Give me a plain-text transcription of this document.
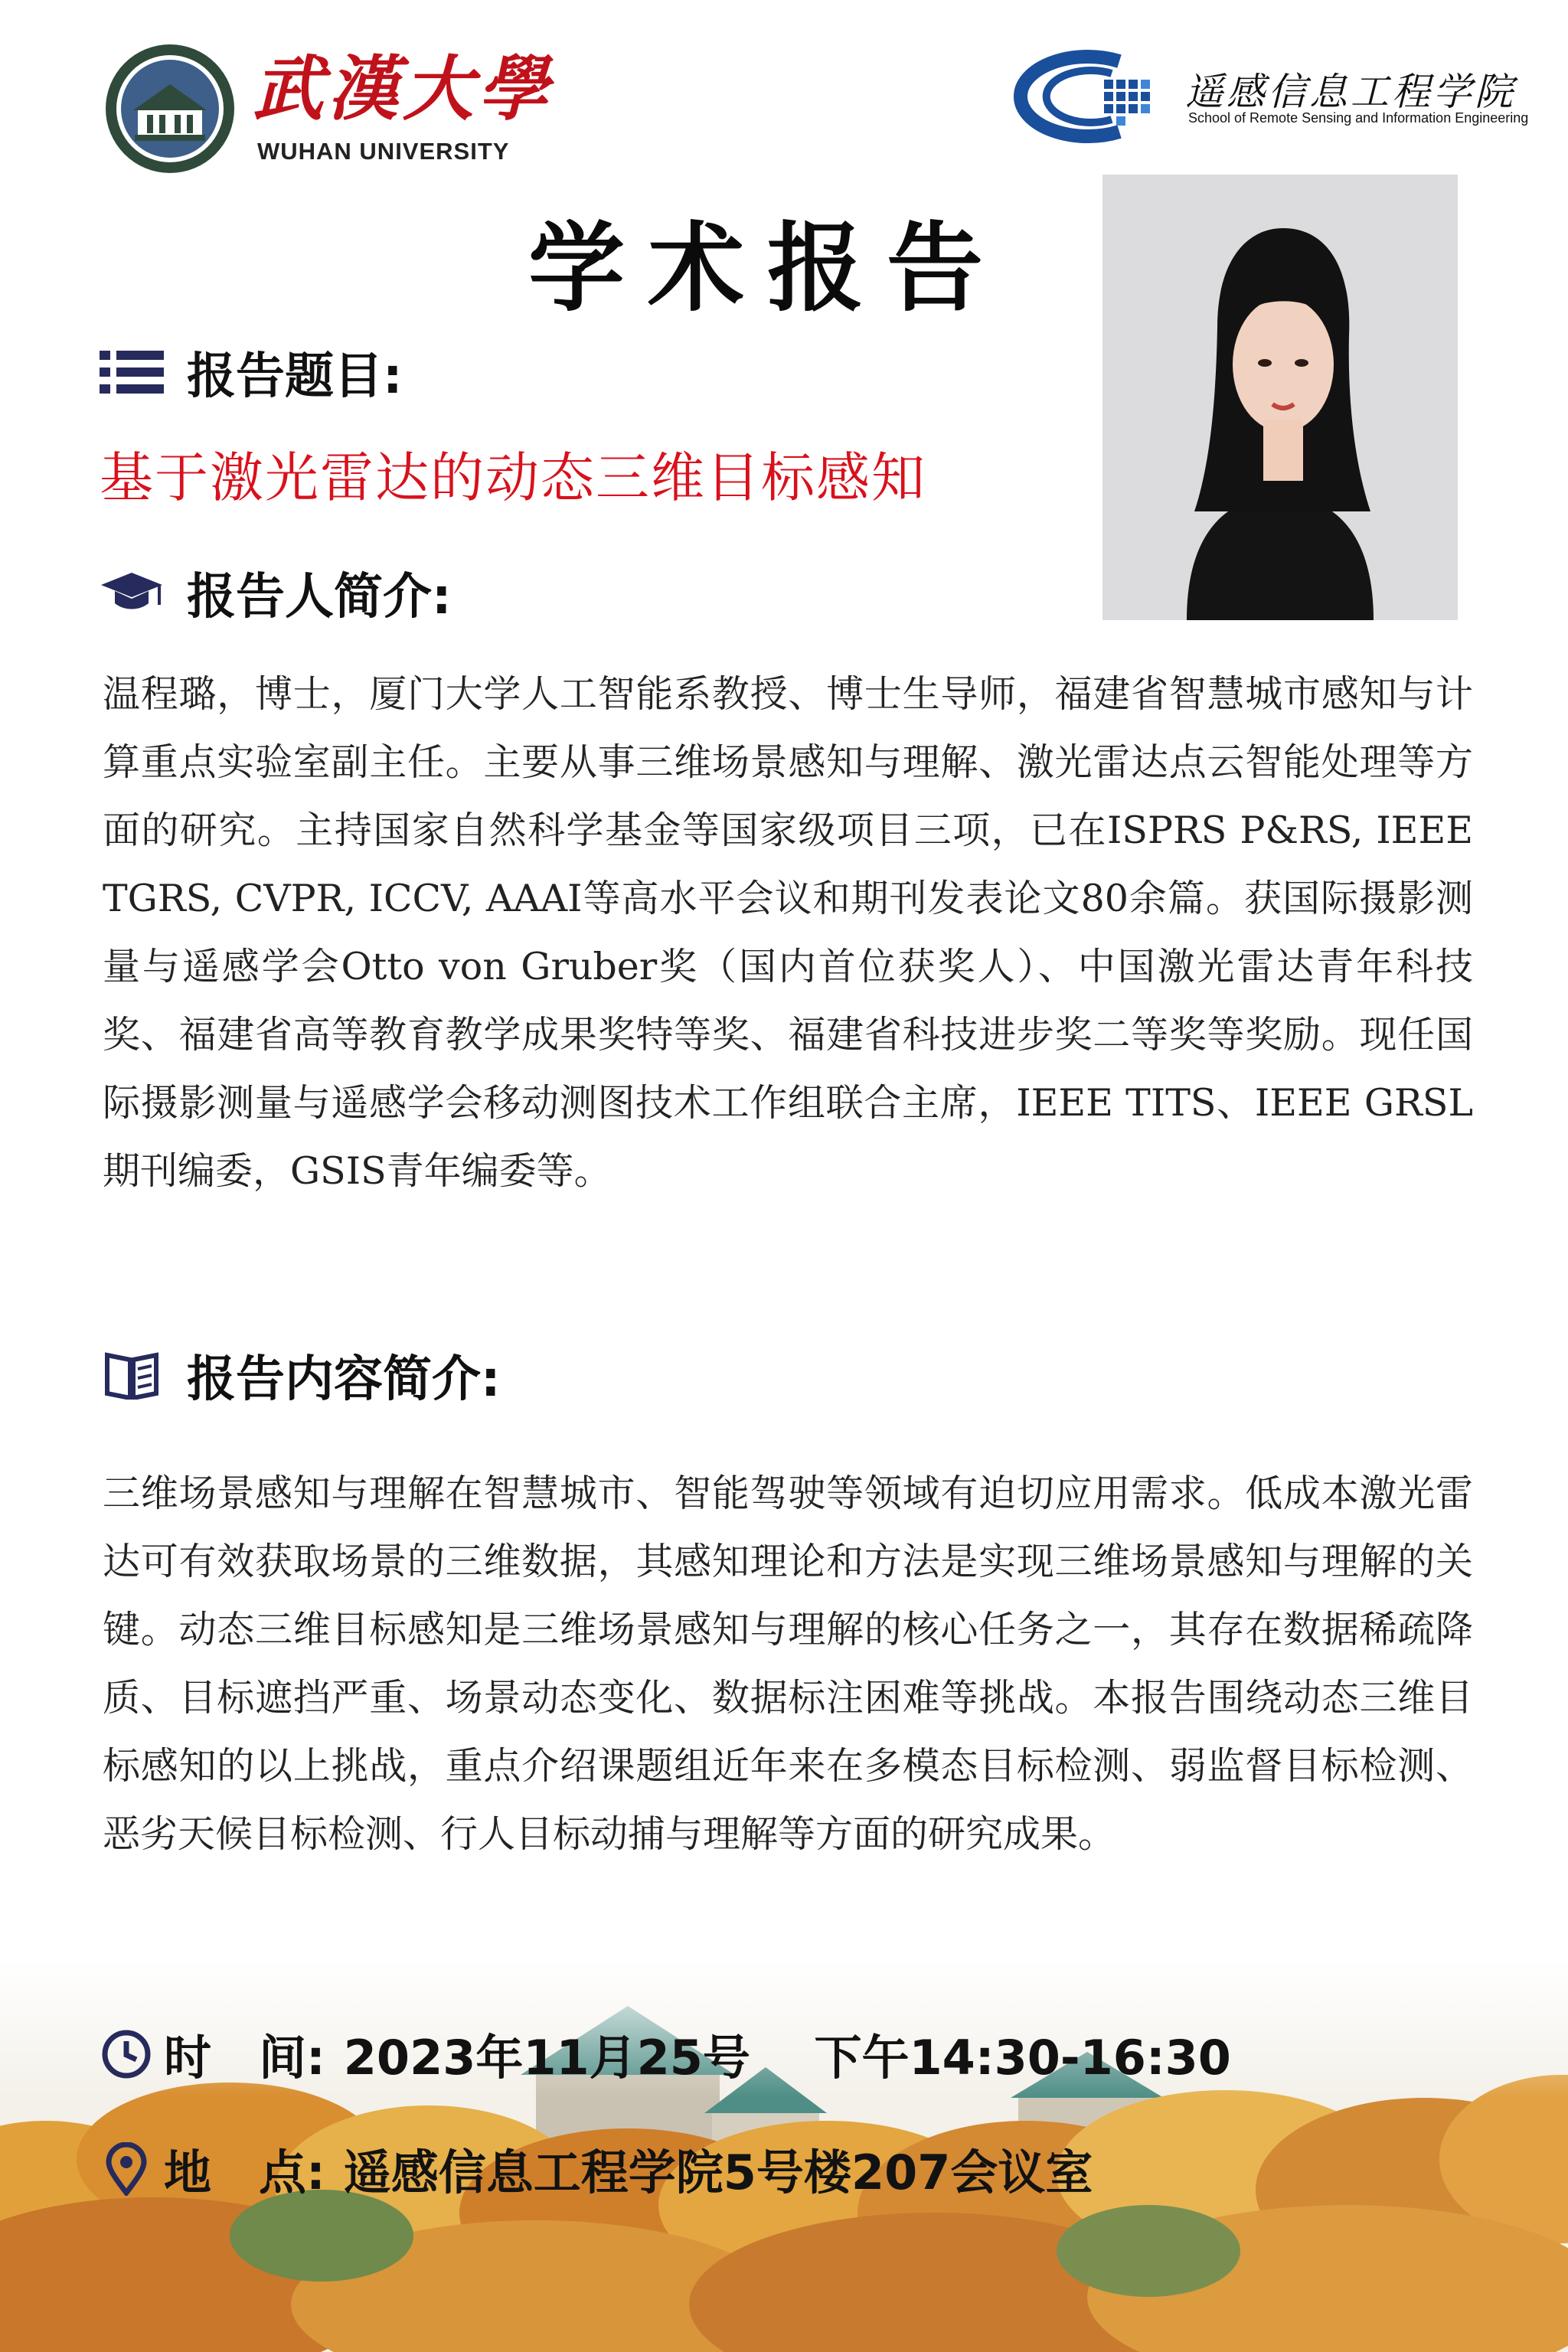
武漢大學
WUHAN UNIVERSITY
遥感信息工程学院
School of Remote Sensing and Information Engineering
学术报告
报告题目:
基于激光雷达的动态三维目标感知
报告人简介:
温程璐，博士，厦门大学人工智能系教授、博士生导师，福建省智慧城市感知与计算重点实验室副主任。主要从事三维场景感知与理解、激光雷达点云智能处理等方面的研究。主持国家自然科学基金等国家级项目三项，已在ISPRS P&RS, IEEE TGRS, CVPR, ICCV, AAAI等高水平会议和期刊发表论文80余篇。获国际摄影测量与遥感学会Otto von Gruber奖（国内首位获奖人）、中国激光雷达青年科技奖、福建省高等教育教学成果奖特等奖、福建省科技进步奖二等奖等奖励。现任国际摄影测量与遥感学会移动测图技术工作组联合主席，IEEE TITS、IEEE GRSL期刊编委，GSIS青年编委等。
报告内容简介:
三维场景感知与理解在智慧城市、智能驾驶等领域有迫切应用需求。低成本激光雷达可有效获取场景的三维数据，其感知理论和方法是实现三维场景感知与理解的关键。动态三维目标感知是三维场景感知与理解的核心任务之一，其存在数据稀疏降质、目标遮挡严重、场景动态变化、数据标注困难等挑战。本报告围绕动态三维目标感知的以上挑战，重点介绍课题组近年来在多模态目标检测、弱监督目标检测、恶劣天候目标检测、行人目标动捕与理解等方面的研究成果。
时　间: 2023年11月25号　 下午14:30-16:30
地　点: 遥感信息工程学院5号楼207会议室
